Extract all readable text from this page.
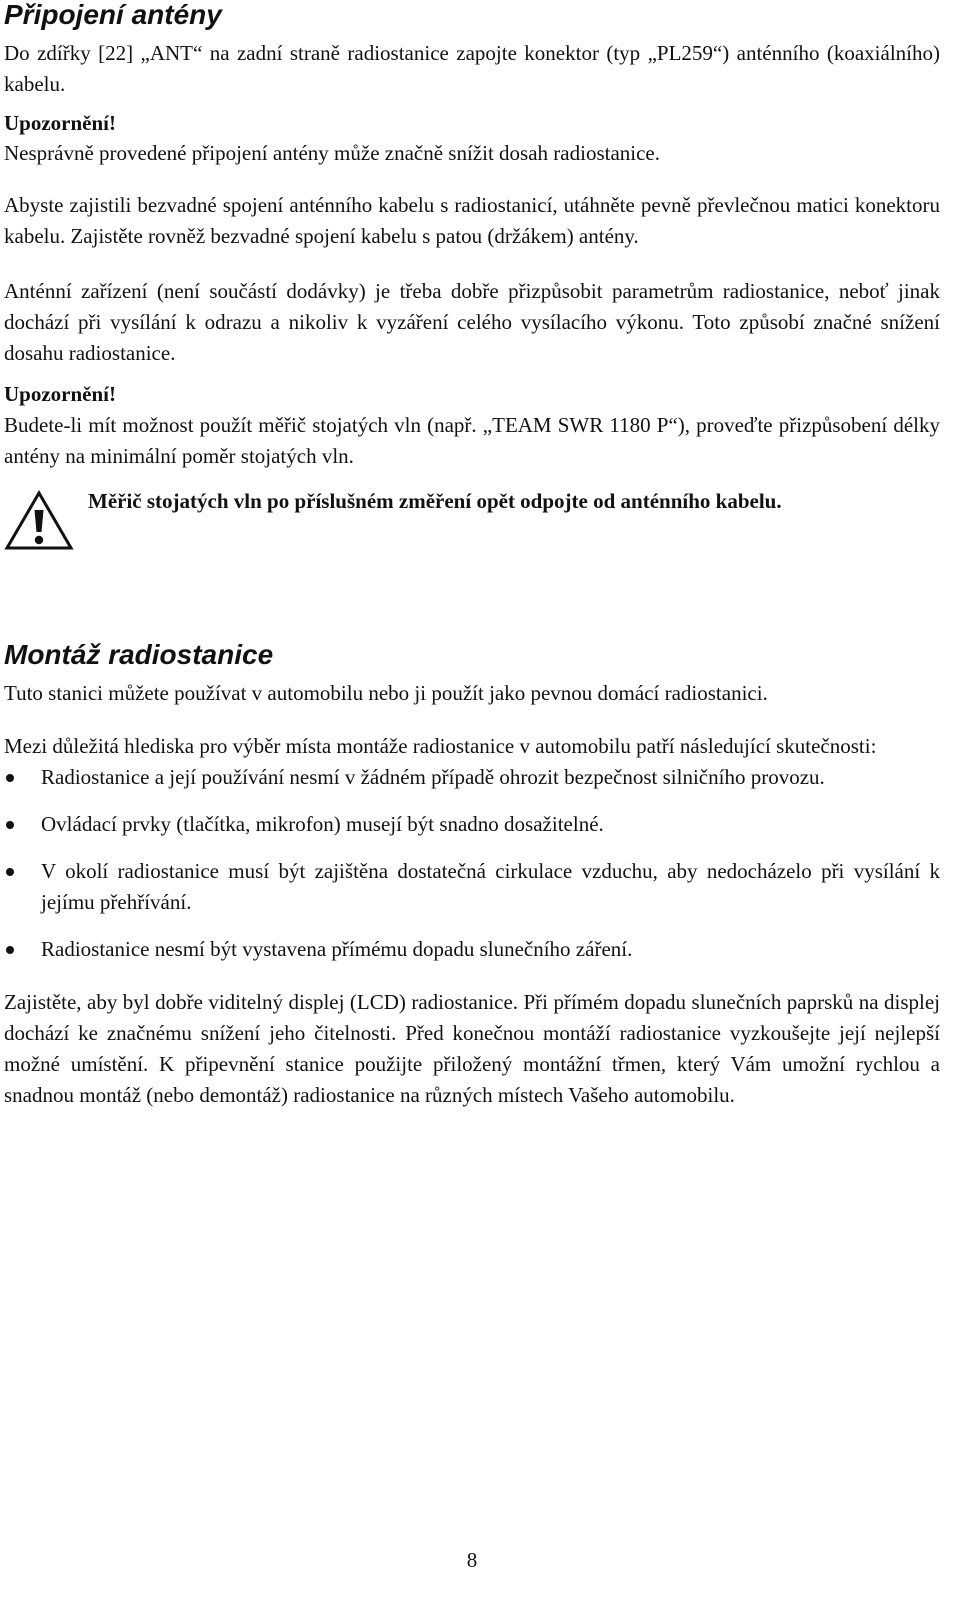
Připojení antény

Do zdířky [22] „ANT“ na zadní straně radiostanice zapojte konektor (typ „PL259“) anténního (koaxiálního) kabelu.

Upozornění!

Nesprávně provedené připojení antény může značně snížit dosah radiostanice.

Abyste zajistili bezvadné spojení anténního kabelu s radiostanicí, utáhněte pevně převlečnou matici konektoru kabelu. Zajistěte rovněž bezvadné spojení kabelu s patou (držákem) antény.

Anténní zařízení (není součástí dodávky) je třeba dobře přizpůsobit parametrům radiostanice, neboť jinak dochází při vysílání k odrazu a nikoliv k vyzáření celého vysílacího výkonu. Toto způsobí značné snížení dosahu radiostanice.

Upozornění!

Budete-li mít možnost použít měřič stojatých vln (např. „TEAM SWR 1180 P“), proveďte přizpůsobení délky antény na minimální poměr stojatých vln.

Měřič stojatých vln po příslušném změření opět odpojte od anténního kabelu.
Montáž radiostanice

Tuto stanici můžete používat v automobilu nebo ji použít jako pevnou domácí radiostanici.

Mezi důležitá hlediska pro výběr místa montáže radiostanice v automobilu patří následující skutečnosti:

Radiostanice a její používání nesmí v žádném případě ohrozit bezpečnost silničního provozu.
Ovládací prvky (tlačítka, mikrofon) musejí být snadno dosažitelné.
V okolí radiostanice musí být zajištěna dostatečná cirkulace vzduchu, aby nedocházelo při vysílání k jejímu přehřívání.
Radiostanice nesmí být vystavena přímému dopadu slunečního záření.

Zajistěte, aby byl dobře viditelný displej (LCD) radiostanice. Při přímém dopadu slunečních paprsků na displej dochází ke značnému snížení jeho čitelnosti. Před konečnou montáží radiostanice vyzkoušejte její nejlepší možné umístění. K připevnění stanice použijte přiložený montážní třmen, který Vám umožní rychlou a snadnou montáž (nebo demontáž) radiostanice na různých místech Vašeho automobilu.

8
